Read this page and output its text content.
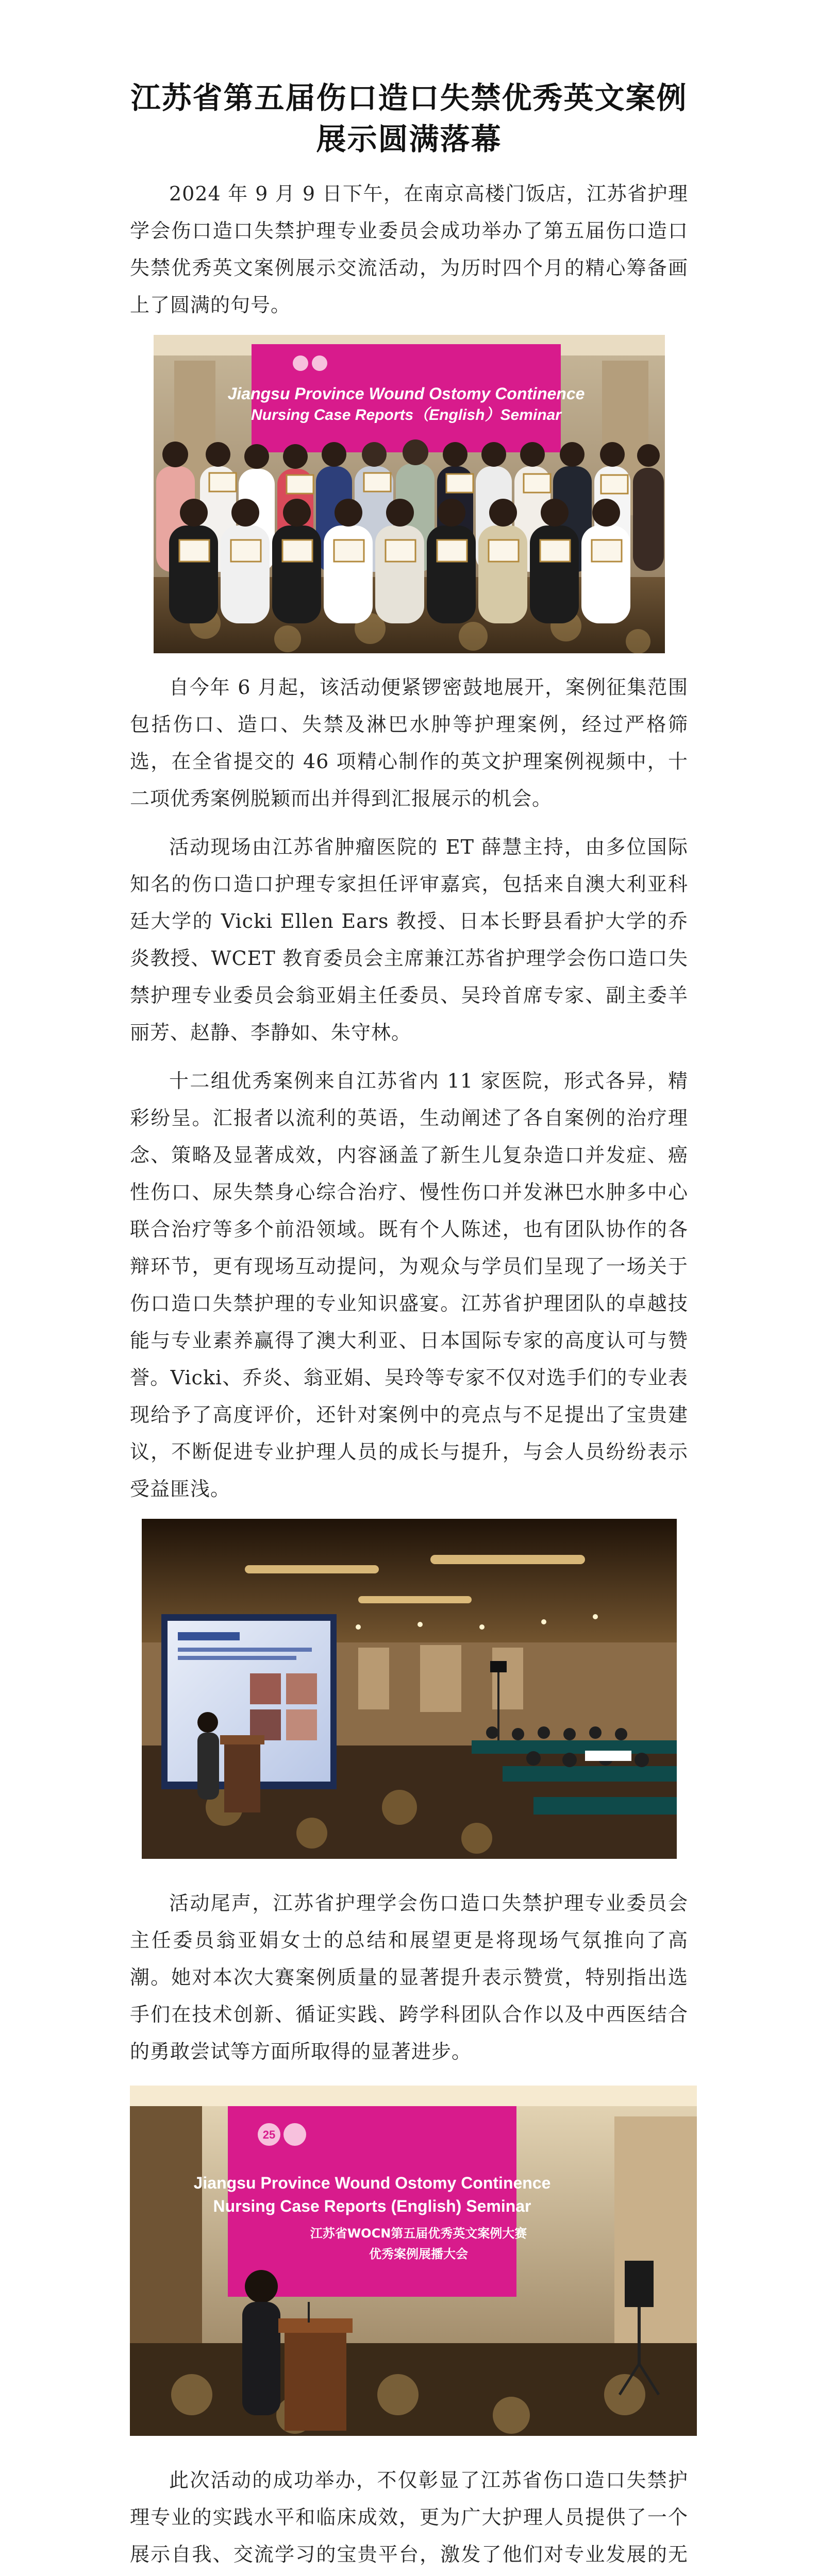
江苏省第五届伤口造口失禁优秀英文案例
展示圆满落幕

2024 年 9 月 9 日下午，在南京高楼门饭店，江苏省护理学会伤口造口失禁护理专业委员会成功举办了第五届伤口造口失禁优秀英文案例展示交流活动，为历时四个月的精心筹备画上了圆满的句号。

Jiangsu Province Wound Ostomy Continence
Nursing Case Reports（English）Seminar

自今年 6 月起，该活动便紧锣密鼓地展开，案例征集范围包括伤口、造口、失禁及淋巴水肿等护理案例，经过严格筛选，在全省提交的 46 项精心制作的英文护理案例视频中，十二项优秀案例脱颖而出并得到汇报展示的机会。

活动现场由江苏省肿瘤医院的 ET 薛慧主持，由多位国际知名的伤口造口护理专家担任评审嘉宾，包括来自澳大利亚科廷大学的 Vicki Ellen Ears 教授、日本长野县看护大学的乔炎教授、WCET 教育委员会主席兼江苏省护理学会伤口造口失禁护理专业委员会翁亚娟主任委员、吴玲首席专家、副主委羊丽芳、赵静、李静如、朱守林。

十二组优秀案例来自江苏省内 11 家医院，形式各异，精彩纷呈。汇报者以流利的英语，生动阐述了各自案例的治疗理念、策略及显著成效，内容涵盖了新生儿复杂造口并发症、癌性伤口、尿失禁身心综合治疗、慢性伤口并发淋巴水肿多中心联合治疗等多个前沿领域。既有个人陈述，也有团队协作的各辩环节，更有现场互动提问，为观众与学员们呈现了一场关于伤口造口失禁护理的专业知识盛宴。江苏省护理团队的卓越技能与专业素养赢得了澳大利亚、日本国际专家的高度认可与赞誉。Vicki、乔炎、翁亚娟、吴玲等专家不仅对选手们的专业表现给予了高度评价，还针对案例中的亮点与不足提出了宝贵建议，不断促进专业护理人员的成长与提升，与会人员纷纷表示受益匪浅。

活动尾声，江苏省护理学会伤口造口失禁护理专业委员会主任委员翁亚娟女士的总结和展望更是将现场气氛推向了高潮。她对本次大赛案例质量的显著提升表示赞赏，特别指出选手们在技术创新、循证实践、跨学科团队合作以及中西医结合的勇敢尝试等方面所取得的显著进步。

25
Jiangsu Province Wound Ostomy Continence
Nursing Case Reports (English) Seminar
江苏省WOCN第五届优秀英文案例大赛
优秀案例展播大会

此次活动的成功举办，不仅彰显了江苏省伤口造口失禁护理专业的实践水平和临床成效，更为广大护理人员提供了一个展示自我、交流学习的宝贵平台，激发了他们对专业发展的无
